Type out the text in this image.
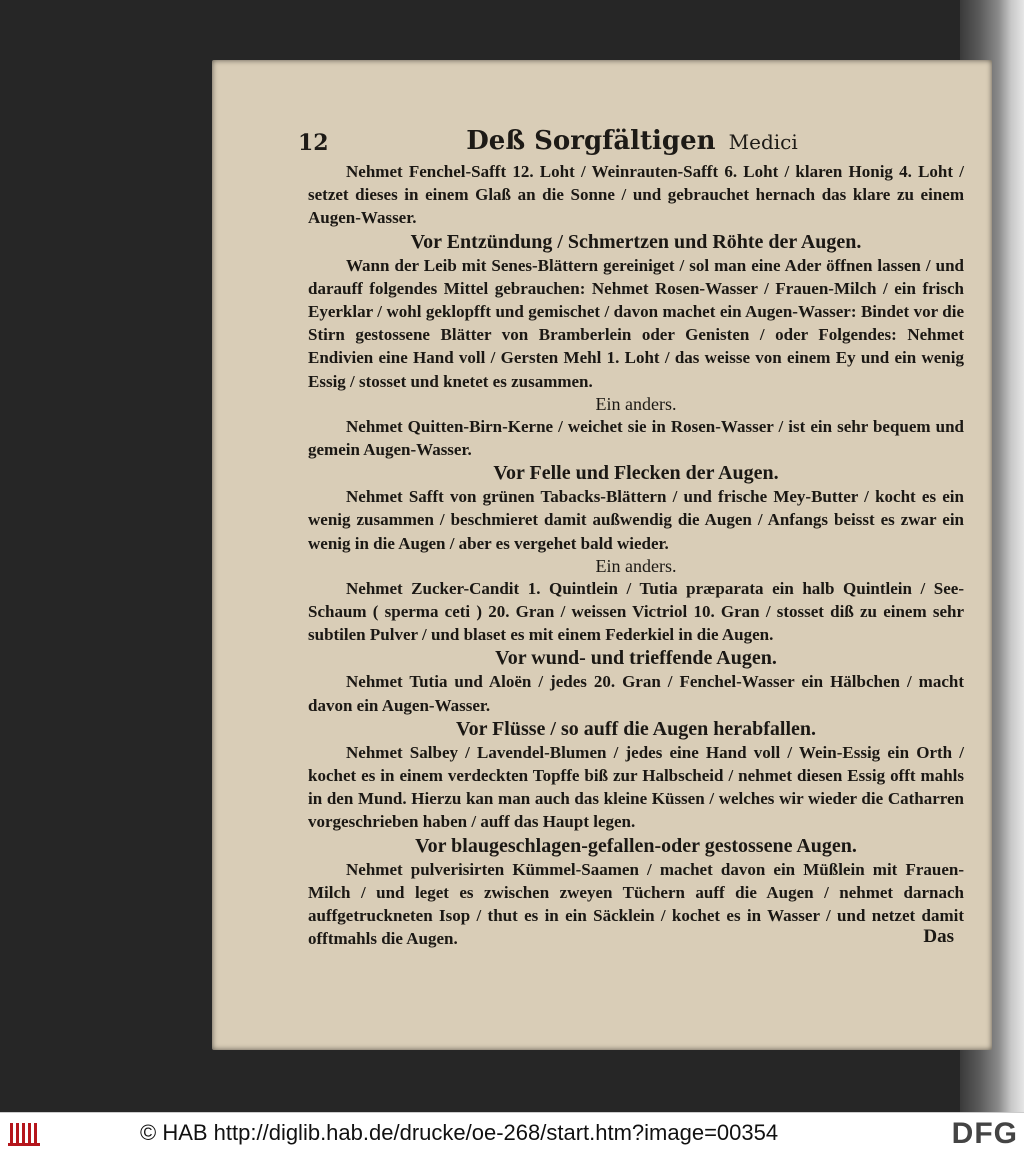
12	Deß Sorgfältigen Medici

Nehmet Fenchel-Safft 12. Loht / Weinrauten-Safft 6. Loht / klaren Honig 4. Loht / setzet dieses in einem Glaß an die Sonne / und gebrauchet hernach das klare zu einem Augen-Wasser.

Vor Entzündung / Schmertzen und Röhte der Augen.

Wann der Leib mit Senes-Blättern gereiniget / sol man eine Ader öffnen lassen / und darauff folgendes Mittel gebrauchen: Nehmet Rosen-Wasser / Frauen-Milch / ein frisch Eyerklar / wohl geklopfft und gemischet / davon machet ein Augen-Wasser: Bindet vor die Stirn gestossene Blätter von Bramberlein oder Genisten / oder Folgendes: Nehmet Endivien eine Hand voll / Gersten Mehl 1. Loht / das weisse von einem Ey und ein wenig Essig / stosset und knetet es zusammen.

Ein anders.

Nehmet Quitten-Birn-Kerne / weichet sie in Rosen-Wasser / ist ein sehr bequem und gemein Augen-Wasser.

Vor Felle und Flecken der Augen.

Nehmet Safft von grünen Tabacks-Blättern / und frische Mey-Butter / kocht es ein wenig zusammen / beschmieret damit außwendig die Augen / Anfangs beisst es zwar ein wenig in die Augen / aber es vergehet bald wieder.

Ein anders.

Nehmet Zucker-Candit 1. Quintlein / Tutia præparata ein halb Quintlein / See-Schaum ( sperma ceti ) 20. Gran / weissen Victriol 10. Gran / stosset diß zu einem sehr subtilen Pulver / und blaset es mit einem Federkiel in die Augen.

Vor wund- und trieffende Augen.

Nehmet Tutia und Aloën / jedes 20. Gran / Fenchel-Wasser ein Hälbchen / macht davon ein Augen-Wasser.

Vor Flüsse / so auff die Augen herabfallen.

Nehmet Salbey / Lavendel-Blumen / jedes eine Hand voll / Wein-Essig ein Orth / kochet es in einem verdeckten Topffe biß zur Halbscheid / nehmet diesen Essig offt mahls in den Mund. Hierzu kan man auch das kleine Küssen / welches wir wieder die Catharren vorgeschrieben haben / auff das Haupt legen.

Vor blaugeschlagen-gefallen-oder gestossene Augen.

Nehmet pulverisirten Kümmel-Saamen / machet davon ein Müßlein mit Frauen-Milch / und leget es zwischen zweyen Tüchern auff die Augen / nehmet darnach auffgetruckneten Isop / thut es in ein Säcklein / kochet es in Wasser / und netzet damit offtmahls die Augen.	Das
© HAB http://diglib.hab.de/drucke/oe-268/start.htm?image=00354	DFG
